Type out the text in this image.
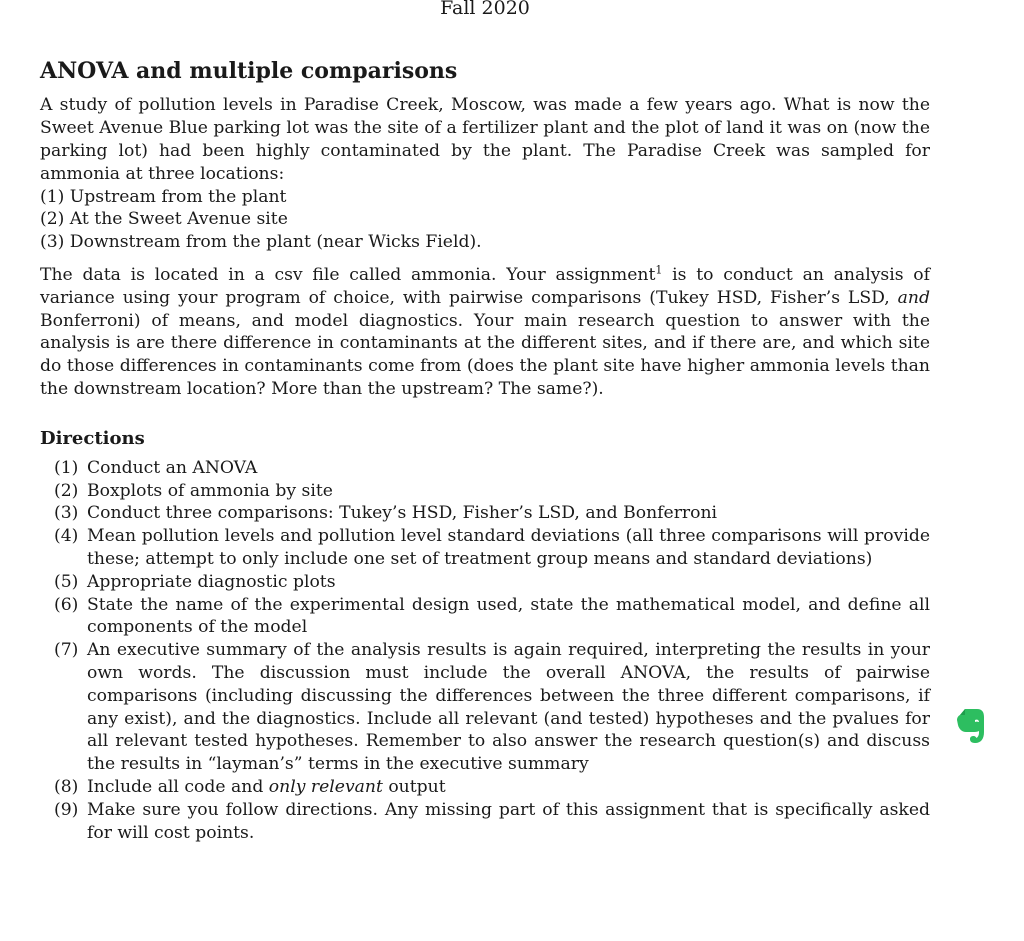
Fall 2020
ANOVA and multiple comparisons

A study of pollution levels in Paradise Creek, Moscow, was made a few years ago. What is now the Sweet Avenue Blue parking lot was the site of a fertilizer plant and the plot of land it was on (now the parking lot) had been highly contaminated by the plant. The Paradise Creek was sampled for ammonia at three locations:

(1) Upstream from the plant
(2) At the Sweet Avenue site
(3) Downstream from the plant (near Wicks Field).

The data is located in a csv file called ammonia. Your assignment$^1$ is to conduct an analysis of variance using your program of choice, with pairwise comparisons (Tukey HSD, Fisher’s LSD, and Bonferroni) of means, and model diagnostics. Your main research question to answer with the analysis is are there difference in contaminants at the different sites, and if there are, and which site do those differences in contaminants come from (does the plant site have higher ammonia levels than the downstream location? More than the upstream? The same?).

Directions
(1) Conduct an ANOVA
(2) Boxplots of ammonia by site
(3) Conduct three comparisons: Tukey’s HSD, Fisher’s LSD, and Bonferroni
(4) Mean pollution levels and pollution level standard deviations (all three comparisons will provide these; attempt to only include one set of treatment group means and standard deviations)
(5) Appropriate diagnostic plots
(6) State the name of the experimental design used, state the mathematical model, and define all components of the model
(7) An executive summary of the analysis results is again required, interpreting the results in your own words. The discussion must include the overall ANOVA, the results of pairwise comparisons (including discussing the differences between the three different comparisons, if any exist), and the diagnostics. Include all relevant (and tested) hypotheses and the pvalues for all relevant tested hypotheses. Remember to also answer the research question(s) and discuss the results in “layman’s” terms in the executive summary
(8) Include all code and only relevant output
(9) Make sure you follow directions. Any missing part of this assignment that is specifically asked for will cost points.
